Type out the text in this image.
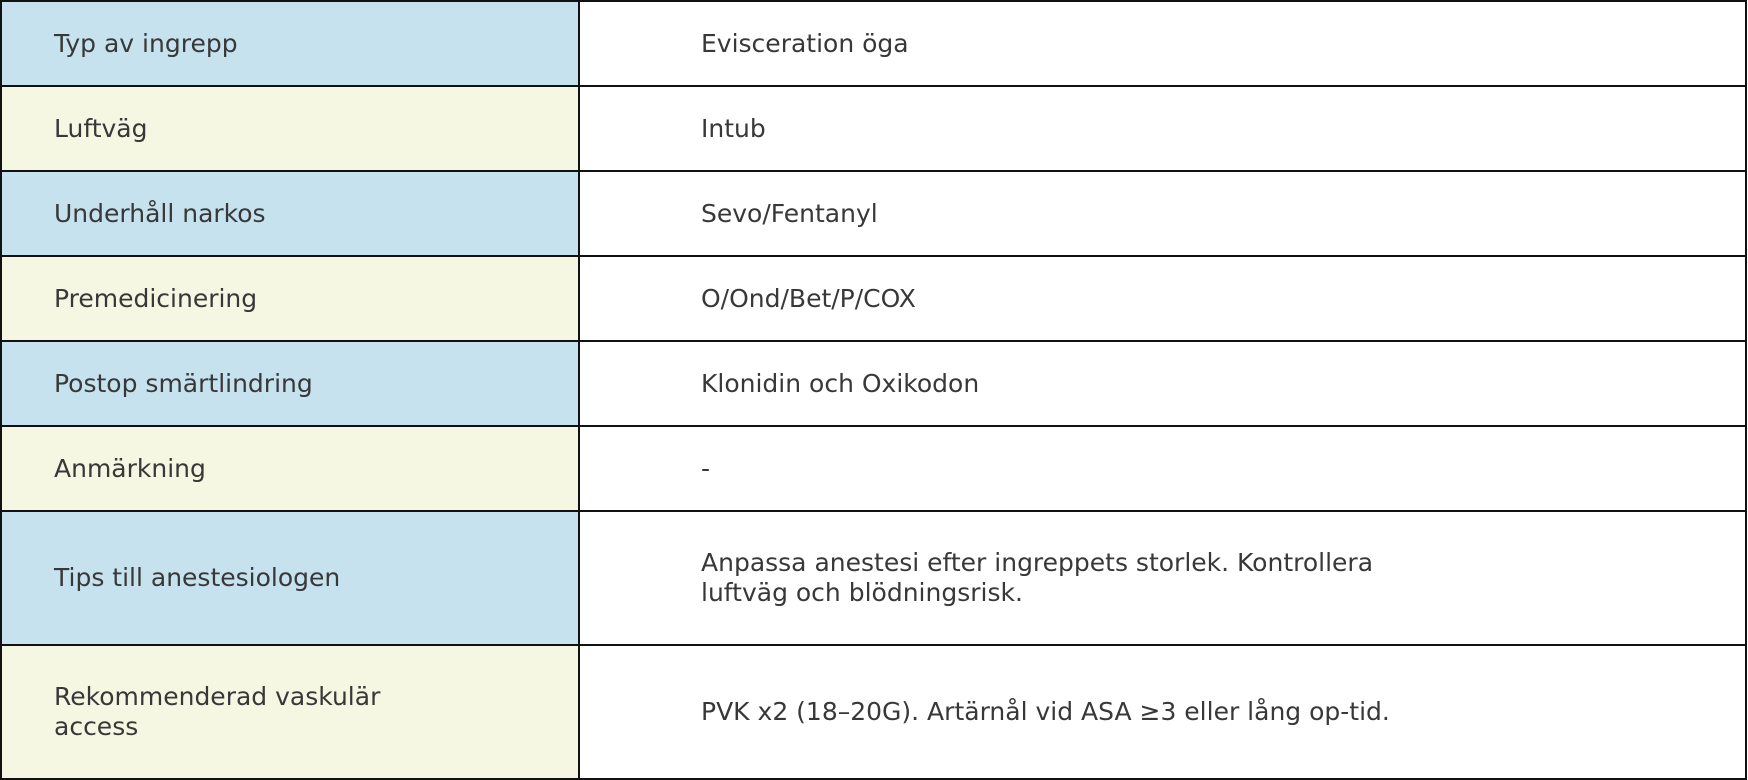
Typ av ingrepp	Evisceration öga

Luftväg	Intub

Underhåll narkos	Sevo/Fentanyl

Premedicinering	O/Ond/Bet/P/COX

Postop smärtlindring	Klonidin och Oxikodon

Anmärkning	-

Tips till anestesiologen	Anpassa anestesi efter ingreppets storlek. Kontrollera luftväg och blödningsrisk.

Rekommenderad vaskulär access	PVK x2 (18–20G). Artärnål vid ASA ≥3 eller lång op-tid.
